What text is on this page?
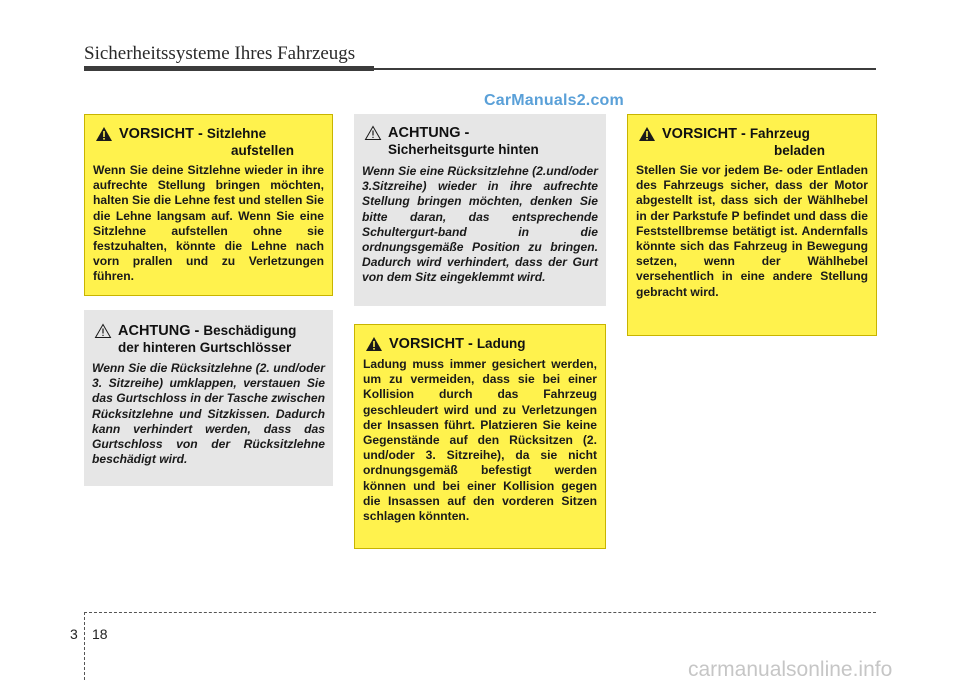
Sicherheitssysteme Ihres Fahrzeugs
CarManuals2.com
VORSICHT - Sitzlehne
aufstellen
Wenn Sie deine Sitzlehne wieder in ihre aufrechte Stellung bringen möchten, halten Sie die Lehne fest und stellen Sie die Lehne langsam auf. Wenn Sie eine Sitzlehne aufstellen ohne sie festzuhalten, könnte die Lehne nach vorn prallen und zu Verletzungen führen.
ACHTUNG - Beschädigung
der hinteren Gurtschlösser
Wenn Sie die Rücksitzlehne (2. und/oder 3. Sitzreihe) umklappen, verstauen Sie das Gurtschloss in der Tasche zwischen Rücksitzlehne und Sitzkissen. Dadurch kann verhindert werden, dass das Gurtschloss von der Rücksitzlehne beschädigt wird.
ACHTUNG -
Sicherheitsgurte hinten
Wenn Sie eine Rücksitzlehne (2.und/oder 3.Sitzreihe) wieder in ihre aufrechte Stellung bringen möchten, denken Sie bitte daran, das entsprechende Schultergurt-band in die ordnungsgemäße Position zu bringen. Dadurch wird verhindert, dass der Gurt von dem Sitz eingeklemmt wird.
VORSICHT - Ladung
Ladung muss immer gesichert werden, um zu vermeiden, dass sie bei einer Kollision durch das Fahrzeug geschleudert wird und zu Verletzungen der Insassen führt. Platzieren Sie keine Gegenstände auf den Rücksitzen (2. und/oder 3. Sitzreihe), da sie nicht ordnungsgemäß befestigt werden können und bei einer Kollision gegen die Insassen auf den vorderen Sitzen schlagen könnten.
VORSICHT - Fahrzeug
beladen
Stellen Sie vor jedem Be- oder Entladen des Fahrzeugs sicher, dass der Motor abgestellt ist, dass sich der Wählhebel in der Parkstufe P befindet und dass die Feststellbremse betätigt ist. Andernfalls könnte sich das Fahrzeug in Bewegung setzen, wenn der Wählhebel versehentlich in eine andere Stellung gebracht wird.
3 18
carmanualsonline.info
